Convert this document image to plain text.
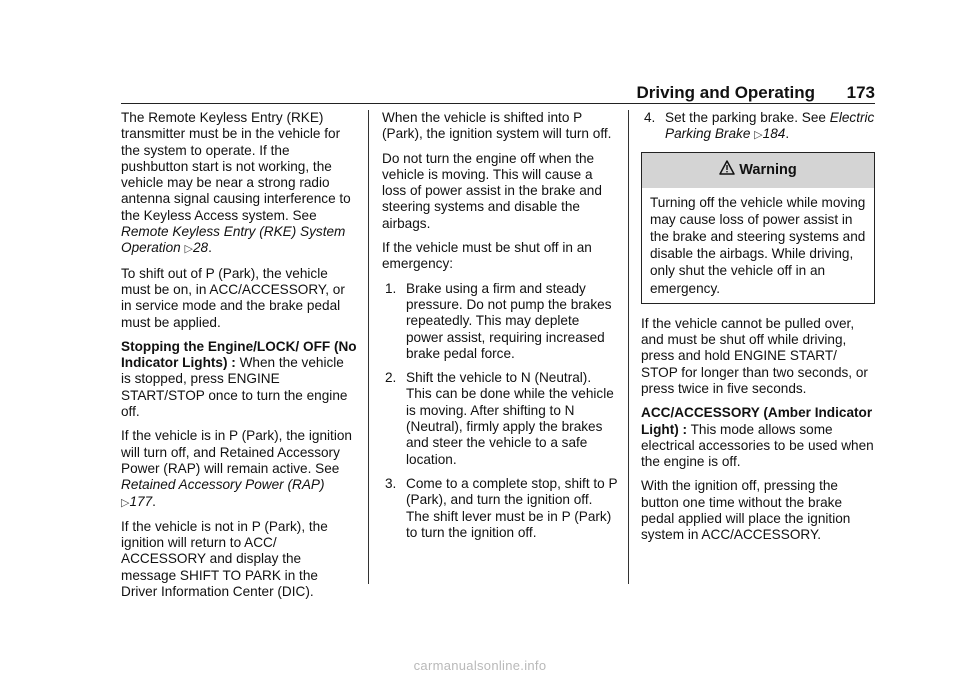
Driving and Operating 173

The Remote Keyless Entry (RKE) transmitter must be in the vehicle for the system to operate. If the pushbutton start is not working, the vehicle may be near a strong radio antenna signal causing interference to the Keyless Access system. See Remote Keyless Entry (RKE) System Operation ▷28.

To shift out of P (Park), the vehicle must be on, in ACC/ACCESSORY, or in service mode and the brake pedal must be applied.

Stopping the Engine/LOCK/ OFF (No Indicator Lights) : When the vehicle is stopped, press ENGINE START/STOP once to turn the engine off.

If the vehicle is in P (Park), the ignition will turn off, and Retained Accessory Power (RAP) will remain active. See Retained Accessory Power (RAP) ▷177.

If the vehicle is not in P (Park), the ignition will return to ACC/ ACCESSORY and display the message SHIFT TO PARK in the Driver Information Center (DIC).

When the vehicle is shifted into P (Park), the ignition system will turn off.

Do not turn the engine off when the vehicle is moving. This will cause a loss of power assist in the brake and steering systems and disable the airbags.

If the vehicle must be shut off in an emergency:

1. Brake using a firm and steady pressure. Do not pump the brakes repeatedly. This may deplete power assist, requiring increased brake pedal force.
2. Shift the vehicle to N (Neutral). This can be done while the vehicle is moving. After shifting to N (Neutral), firmly apply the brakes and steer the vehicle to a safe location.
3. Come to a complete stop, shift to P (Park), and turn the ignition off. The shift lever must be in P (Park) to turn the ignition off.
4. Set the parking brake. See Electric Parking Brake ▷184.
Warning
Turning off the vehicle while moving may cause loss of power assist in the brake and steering systems and disable the airbags. While driving, only shut the vehicle off in an emergency.

If the vehicle cannot be pulled over, and must be shut off while driving, press and hold ENGINE START/ STOP for longer than two seconds, or press twice in five seconds.

ACC/ACCESSORY (Amber Indicator Light) : This mode allows some electrical accessories to be used when the engine is off.

With the ignition off, pressing the button one time without the brake pedal applied will place the ignition system in ACC/ACCESSORY.

carmanualsonline.info
